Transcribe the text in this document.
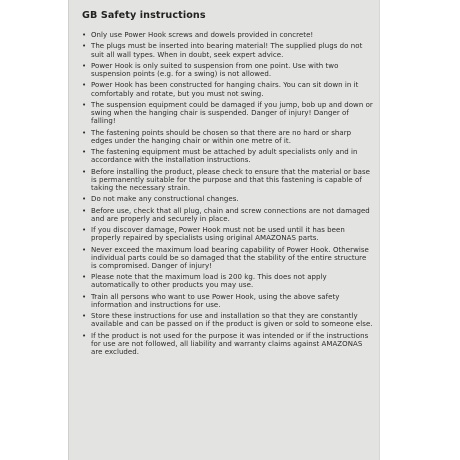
GB Safety instructions
• Only use Power Hook screws and dowels provided in concrete!
• The plugs must be inserted into bearing material! The supplied plugs do not suit all wall types. When in doubt, seek expert advice.
• Power Hook is only suited to suspension from one point. Use with two suspension points (e.g. for a swing) is not allowed.
• Power Hook has been constructed for hanging chairs. You can sit down in it comfortably and rotate, but you must not swing.
• The suspension equipment could be damaged if you jump, bob up and down or swing when the hanging chair is suspended. Danger of injury! Danger of falling!
• The fastening points should be chosen so that there are no hard or sharp edges under the hanging chair or within one metre of it.
• The fastening equipment must be attached by adult specialists only and in accordance with the installation instructions.
• Before installing the product, please check to ensure that the material or base is permanently suitable for the purpose and that this fastening is capable of taking the necessary strain.
• Do not make any constructional changes.
• Before use, check that all plug, chain and screw connections are not damaged and are properly and securely in place.
• If you discover damage, Power Hook must not be used until it has been properly repaired by specialists using original AMAZONAS parts.
• Never exceed the maximum load bearing capability of Power Hook. Otherwise individual parts could be so damaged that the stability of the entire structure is compromised. Danger of injury!
• Please note that the maximum load is 200 kg. This does not apply automatically to other products you may use.
• Train all persons who want to use Power Hook, using the above safety information and instructions for use.
• Store these instructions for use and installation so that they are constantly available and can be passed on if the product is given or sold to someone else.
• If the product is not used for the purpose it was intended or if the instructions for use are not followed, all liability and warranty claims against AMAZONAS are excluded.
